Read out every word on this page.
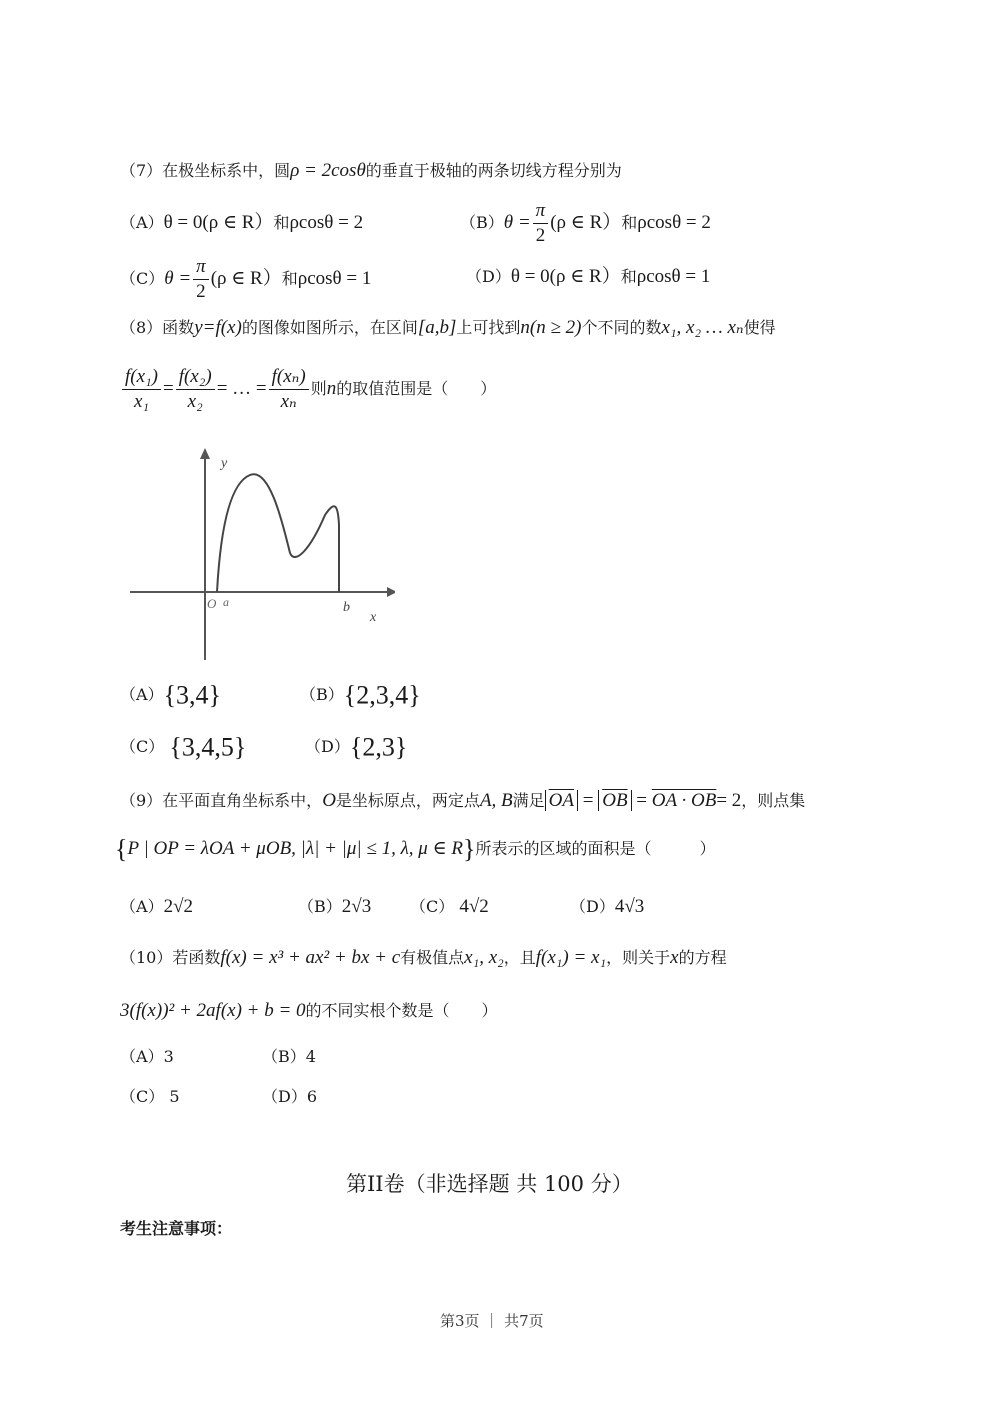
（7）在极坐标系中，圆ρ = 2cosθ的垂直于极轴的两条切线方程分别为
（A）θ = 0(ρ ∈ R）和ρcosθ = 2	$(B)\theta = \frac{\pi}{2} (\rho$ ∈ R）和ρcosθ = 2
$(C)\theta = \frac{\pi}{2} (\rho$ ∈ R）和ρcosθ = 1	（D）θ = 0(ρ ∈ R）和ρcosθ = 1
（8）函数y=f(x)的图像如图所示，在区间[a,b]上可找到n(n ≥ 2)个不同的数x₁, x₂ … xₙ使得
$\frac{\text{f(x₁)}}{\text{x₁}} = \frac{\text{f(x₂)}}{\text{x₂}}$ = … = $\frac{\text{f(xₙ)}}{\text{xₙ}}$ 则n的取值范围是（　　）
y
x
O a	b
（A）{3,4}	（B）{2,3,4}
（C） {3,4,5}	（D）{2,3}
（9）在平面直角坐标系中，O是坐标原点，两定点A, B满足 $\overline{OA} = \overline{OB}$ = OA · OB= 2，则点集
{P | OP = λOA + μOB, |λ| + |μ| ≤ 1, λ, μ ∈ R}所表示的区域的面积是（　　　）
（A）2√2	（B）2√3 （C） 4√2	（D）4√3
（10）若函数f(x) = x³ + ax² + bx + c有极值点x₁, x₂，且f(x₁) = x₁，则关于x的方程
3(f(x))² + 2af(x) + b = 0的不同实根个数是（　　）
（A）3	（B）4
（C） 5	（D）6
第II卷（非选择题 共 100 分）
考生注意事项：
第3页 ｜ 共7页
